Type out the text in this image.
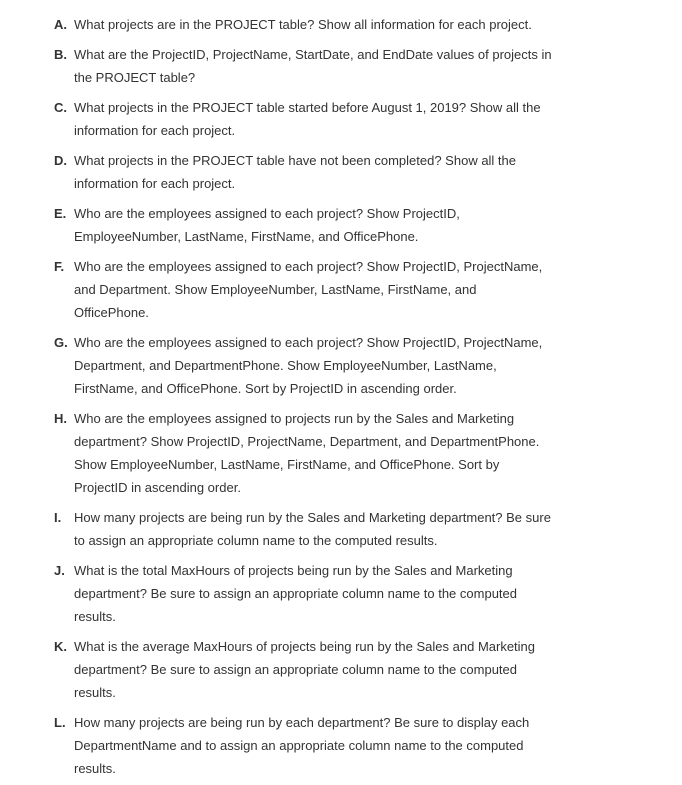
A. What projects are in the PROJECT table? Show all information for each project.
B. What are the ProjectID, ProjectName, StartDate, and EndDate values of projects in the PROJECT table?
C. What projects in the PROJECT table started before August 1, 2019? Show all the information for each project.
D. What projects in the PROJECT table have not been completed? Show all the information for each project.
E. Who are the employees assigned to each project? Show ProjectID, EmployeeNumber, LastName, FirstName, and OfficePhone.
F. Who are the employees assigned to each project? Show ProjectID, ProjectName, and Department. Show EmployeeNumber, LastName, FirstName, and OfficePhone.
G. Who are the employees assigned to each project? Show ProjectID, ProjectName, Department, and DepartmentPhone. Show EmployeeNumber, LastName, FirstName, and OfficePhone. Sort by ProjectID in ascending order.
H. Who are the employees assigned to projects run by the Sales and Marketing department? Show ProjectID, ProjectName, Department, and DepartmentPhone. Show EmployeeNumber, LastName, FirstName, and OfficePhone. Sort by ProjectID in ascending order.
I. How many projects are being run by the Sales and Marketing department? Be sure to assign an appropriate column name to the computed results.
J. What is the total MaxHours of projects being run by the Sales and Marketing department? Be sure to assign an appropriate column name to the computed results.
K. What is the average MaxHours of projects being run by the Sales and Marketing department? Be sure to assign an appropriate column name to the computed results.
L. How many projects are being run by each department? Be sure to display each DepartmentName and to assign an appropriate column name to the computed results.
